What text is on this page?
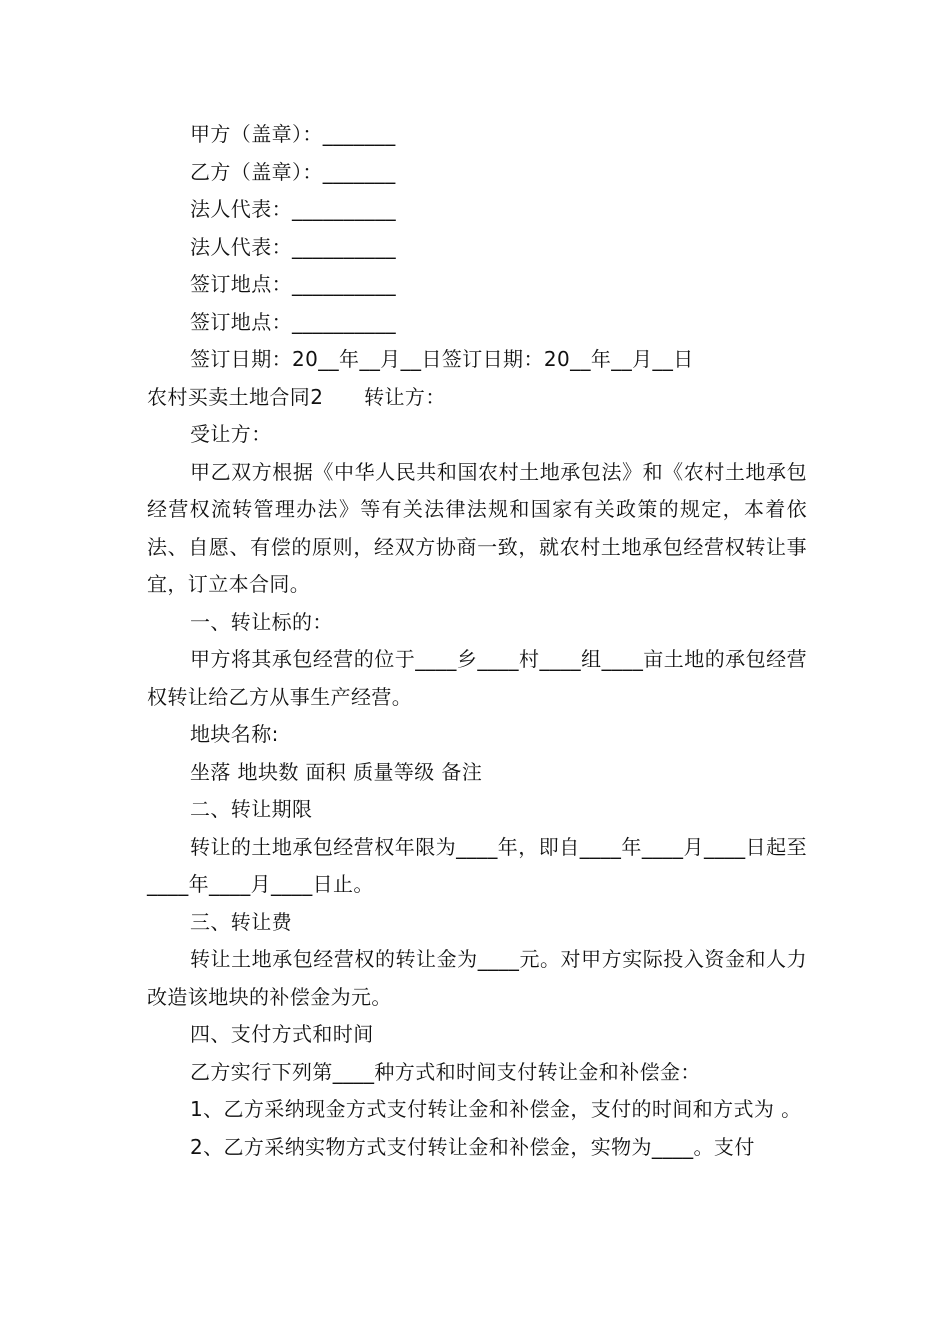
甲方（盖章）：_______

乙方（盖章）：_______

法人代表：__________

法人代表：__________

签订地点：__________

签订地点：__________

签订日期：20__年__月__日签订日期：20__年__月__日

农村买卖土地合同2　　转让方：

受让方：

甲乙双方根据《中华人民共和国农村土地承包法》和《农村土地承包经营权流转管理办法》等有关法律法规和国家有关政策的规定，本着依法、自愿、有偿的原则，经双方协商一致，就农村土地承包经营权转让事宜，订立本合同。

一、转让标的：

甲方将其承包经营的位于____乡____村____组____亩土地的承包经营权转让给乙方从事生产经营。

地块名称:

坐落 地块数 面积 质量等级 备注

二、转让期限

转让的土地承包经营权年限为____年，即自____年____月____日起至____年____月____日止。

三、转让费

转让土地承包经营权的转让金为____元。对甲方实际投入资金和人力改造该地块的补偿金为元。

四、支付方式和时间

乙方实行下列第____种方式和时间支付转让金和补偿金：

1、乙方采纳现金方式支付转让金和补偿金，支付的时间和方式为 。

2、乙方采纳实物方式支付转让金和补偿金，实物为____。支付
